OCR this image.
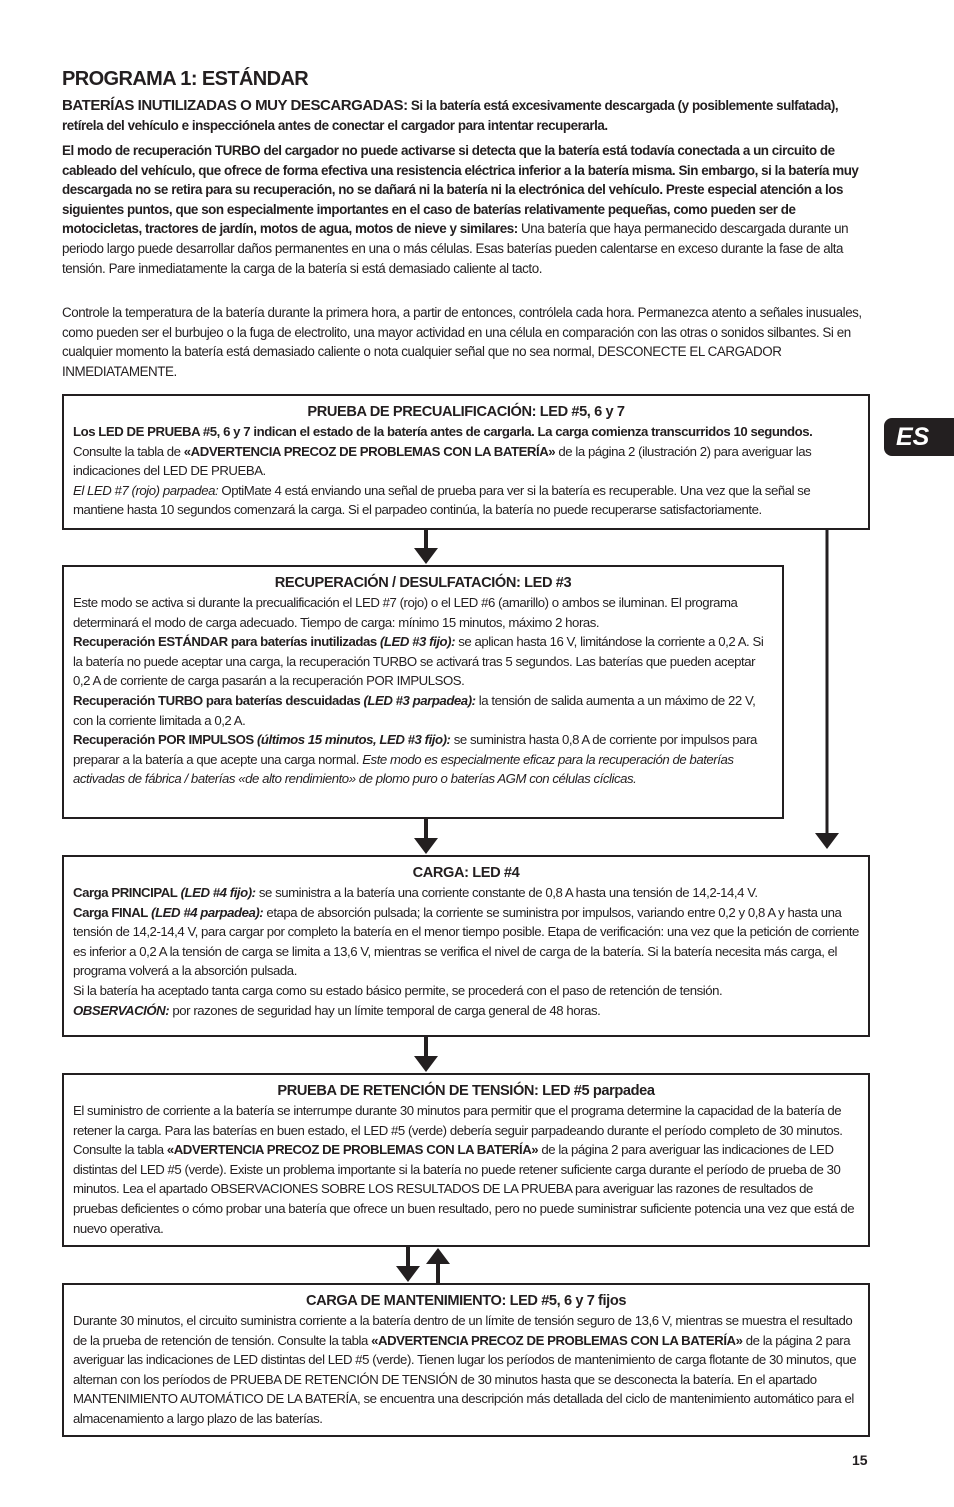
PROGRAMA 1: ESTÁNDAR
BATERÍAS INUTILIZADAS O MUY DESCARGADAS: Si la batería está excesivamente descargada (y posiblemente sulfatada), retírela del vehículo e inspecciónela antes de conectar el cargador para intentar recuperarla.
El modo de recuperación TURBO del cargador no puede activarse si detecta que la batería está todavía conectada a un circuito de cableado del vehículo, que ofrece de forma efectiva una resistencia eléctrica inferior a la batería misma. Sin embargo, si la batería muy descargada no se retira para su recuperación, no se dañará ni la batería ni la electrónica del vehículo. Preste especial atención a los siguientes puntos, que son especialmente importantes en el caso de baterías relativamente pequeñas, como pueden ser de motocicletas, tractores de jardín, motos de agua, motos de nieve y similares: Una batería que haya permanecido descargada durante un periodo largo puede desarrollar daños permanentes en una o más células. Esas baterías pueden calentarse en exceso durante la fase de alta tensión. Pare inmediatamente la carga de la batería si está demasiado caliente al tacto.
Controle la temperatura de la batería durante la primera hora, a partir de entonces, contrólela cada hora. Permanezca atento a señales inusuales, como pueden ser el burbujeo o la fuga de electrolito, una mayor actividad en una célula en comparación con las otras o sonidos silbantes. Si en cualquier momento la batería está demasiado caliente o nota cualquier señal que no sea normal, DESCONECTE EL CARGADOR INMEDIATAMENTE.
ES
PRUEBA DE PRECUALIFICACIÓN: LED #5, 6 y 7

Los LED DE PRUEBA #5, 6 y 7 indican el estado de la batería antes de cargarla. La carga comienza transcurridos 10 segundos.

Consulte la tabla de «ADVERTENCIA PRECOZ DE PROBLEMAS CON LA BATERÍA» de la página 2 (ilustración 2) para averiguar las indicaciones del LED DE PRUEBA.

El LED #7 (rojo) parpadea: OptiMate 4 está enviando una señal de prueba para ver si la batería es recuperable. Una vez que la señal se mantiene hasta 10 segundos comenzará la carga. Si el parpadeo continúa, la batería no puede recuperarse satisfactoriamente.

RECUPERACIÓN / DESULFATACIÓN: LED #3

Este modo se activa si durante la precualificación el LED #7 (rojo) o el LED #6 (amarillo) o ambos se iluminan. El programa determinará el modo de carga adecuado. Tiempo de carga: mínimo 15 minutos, máximo 2 horas.

Recuperación ESTÁNDAR para baterías inutilizadas (LED #3 fijo): se aplican hasta 16 V, limitándose la corriente a 0,2 A. Si la batería no puede aceptar una carga, la recuperación TURBO se activará tras 5 segundos. Las baterías que pueden aceptar 0,2 A de corriente de carga pasarán a la recuperación POR IMPULSOS.

Recuperación TURBO para baterías descuidadas (LED #3 parpadea): la tensión de salida aumenta a un máximo de 22 V, con la corriente limitada a 0,2 A.

Recuperación POR IMPULSOS (últimos 15 minutos, LED #3 fijo): se suministra hasta 0,8 A de corriente por impulsos para preparar a la batería a que acepte una carga normal. Este modo es especialmente eficaz para la recuperación de baterías activadas de fábrica / baterías «de alto rendimiento» de plomo puro o baterías AGM con células cíclicas.

CARGA: LED #4

Carga PRINCIPAL (LED #4 fijo): se suministra a la batería una corriente constante de 0,8 A hasta una tensión de 14,2-14,4 V.

Carga FINAL (LED #4 parpadea): etapa de absorción pulsada; la corriente se suministra por impulsos, variando entre 0,2 y 0,8 A y hasta una tensión de 14,2-14,4 V, para cargar por completo la batería en el menor tiempo posible. Etapa de verificación: una vez que la petición de corriente es inferior a 0,2 A la tensión de carga se limita a 13,6 V, mientras se verifica el nivel de carga de la batería. Si la batería necesita más carga, el programa volverá a la absorción pulsada.

Si la batería ha aceptado tanta carga como su estado básico permite, se procederá con el paso de retención de tensión.

OBSERVACIÓN: por razones de seguridad hay un límite temporal de carga general de 48 horas.

PRUEBA DE RETENCIÓN DE TENSIÓN: LED #5 parpadea

El suministro de corriente a la batería se interrumpe durante 30 minutos para permitir que el programa determine la capacidad de la batería de retener la carga. Para las baterías en buen estado, el LED #5 (verde) debería seguir parpadeando durante el período completo de 30 minutos. Consulte la tabla «ADVERTENCIA PRECOZ DE PROBLEMAS CON LA BATERÍA» de la página 2 para averiguar las indicaciones de LED distintas del LED #5 (verde). Existe un problema importante si la batería no puede retener suficiente carga durante el período de prueba de 30 minutos. Lea el apartado OBSERVACIONES SOBRE LOS RESULTADOS DE LA PRUEBA para averiguar las razones de resultados de pruebas deficientes o cómo probar una batería que ofrece un buen resultado, pero no puede suministrar suficiente potencia una vez que está de nuevo operativa.

CARGA DE MANTENIMIENTO: LED #5, 6 y 7 fijos

Durante 30 minutos, el circuito suministra corriente a la batería dentro de un límite de tensión seguro de 13,6 V, mientras se muestra el resultado de la prueba de retención de tensión. Consulte la tabla «ADVERTENCIA PRECOZ DE PROBLEMAS CON LA BATERÍA» de la página 2 para averiguar las indicaciones de LED distintas del LED #5 (verde). Tienen lugar los períodos de mantenimiento de carga flotante de 30 minutos, que alternan con los períodos de PRUEBA DE RETENCIÓN DE TENSIÓN de 30 minutos hasta que se desconecta la batería. En el apartado MANTENIMIENTO AUTOMÁTICO DE LA BATERÍA, se encuentra una descripción más detallada del ciclo de mantenimiento automático para el almacenamiento a largo plazo de las baterías.

15
